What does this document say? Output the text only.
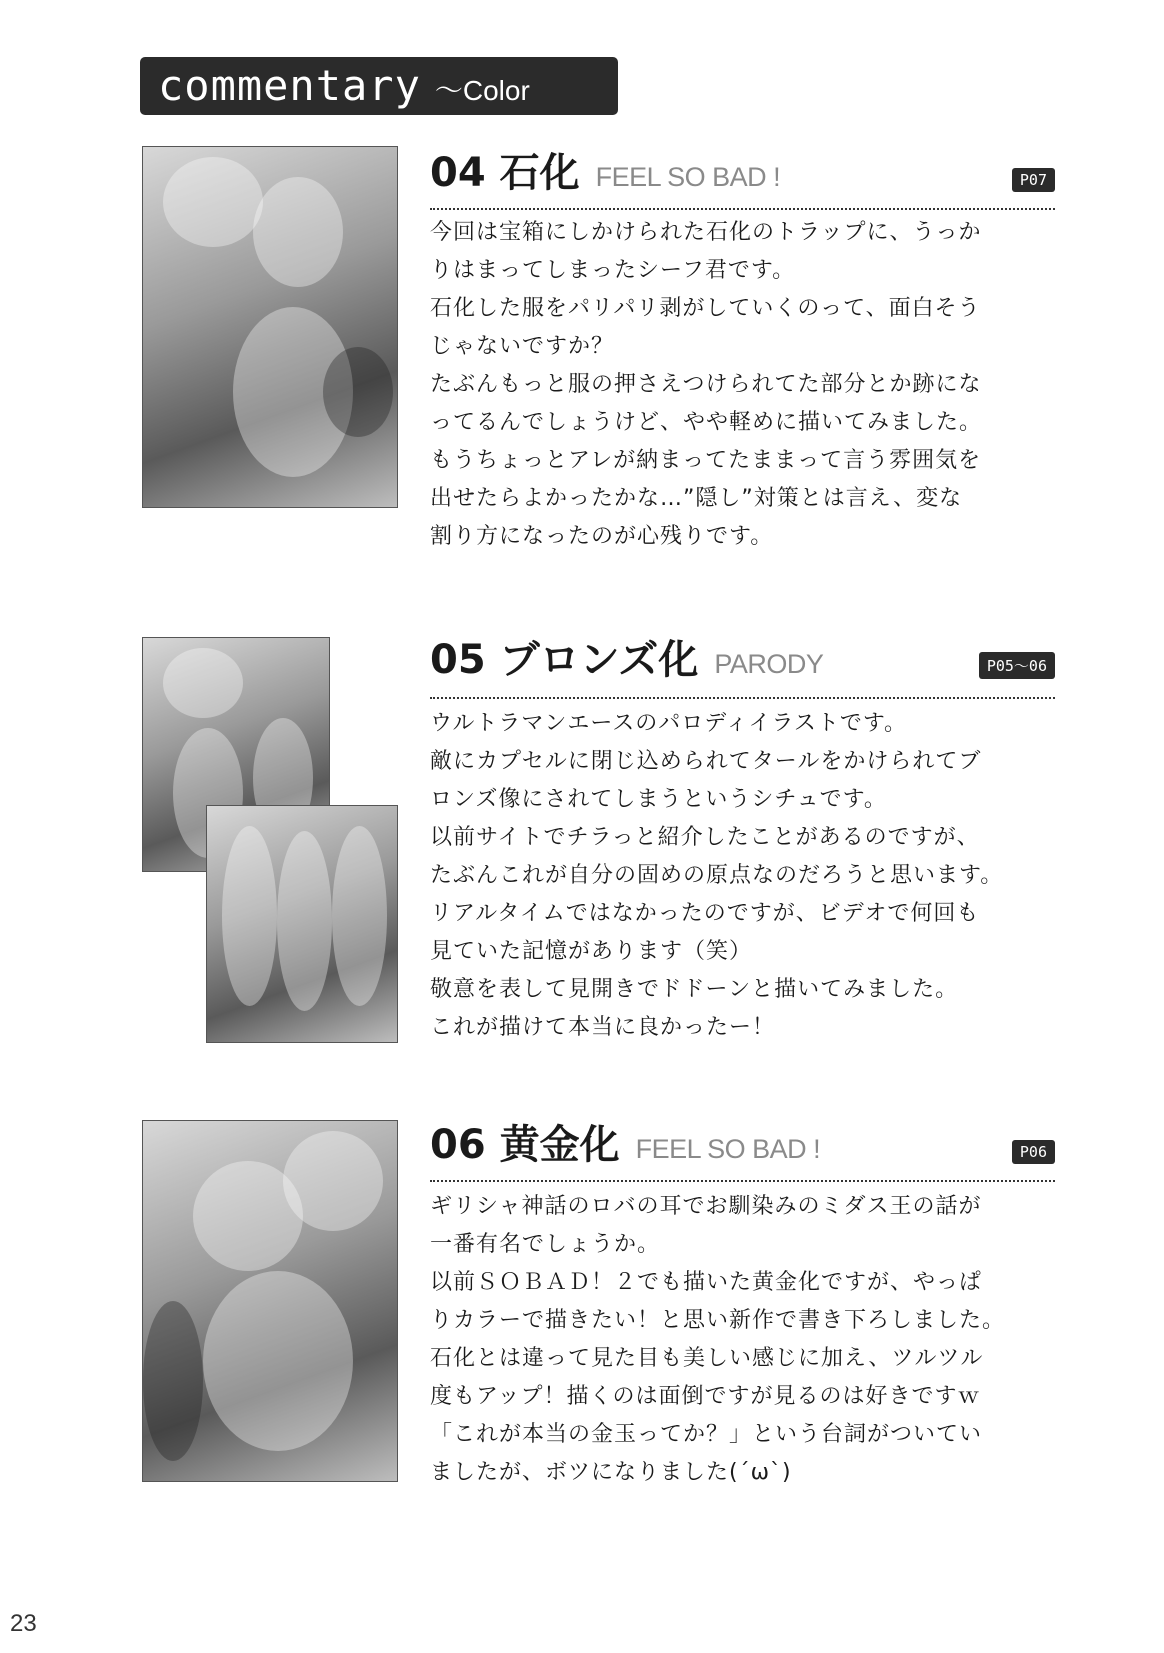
commentary ～Color
04 石化 FEEL SO BAD !	P07
今回は宝箱にしかけられた石化のトラップに、うっか
りはまってしまったシーフ君です。
石化した服をパリパリ剥がしていくのって、面白そう
じゃないですか？
たぶんもっと服の押さえつけられてた部分とか跡にな
ってるんでしょうけど、やや軽めに描いてみました。
もうちょっとアレが納まってたままって言う雰囲気を
出せたらよかったかな…”隠し”対策とは言え、変な
割り方になったのが心残りです。
05 ブロンズ化 PARODY	P05～06
ウルトラマンエースのパロディイラストです。
敵にカプセルに閉じ込められてタールをかけられてブ
ロンズ像にされてしまうというシチュです。
以前サイトでチラっと紹介したことがあるのですが、
たぶんこれが自分の固めの原点なのだろうと思います。
リアルタイムではなかったのですが、ビデオで何回も
見ていた記憶があります（笑）
敬意を表して見開きでドドーンと描いてみました。
これが描けて本当に良かったー！
06 黄金化 FEEL SO BAD !	P06
ギリシャ神話のロバの耳でお馴染みのミダス王の話が
一番有名でしょうか。
以前ＳＯＢＡＤ！２でも描いた黄金化ですが、やっぱ
りカラーで描きたい！と思い新作で書き下ろしました。
石化とは違って見た目も美しい感じに加え、ツルツル
度もアップ！描くのは面倒ですが見るのは好きですｗ
「これが本当の金玉ってか？」という台詞がついてい
ましたが、ボツになりました(´ω`)
23
